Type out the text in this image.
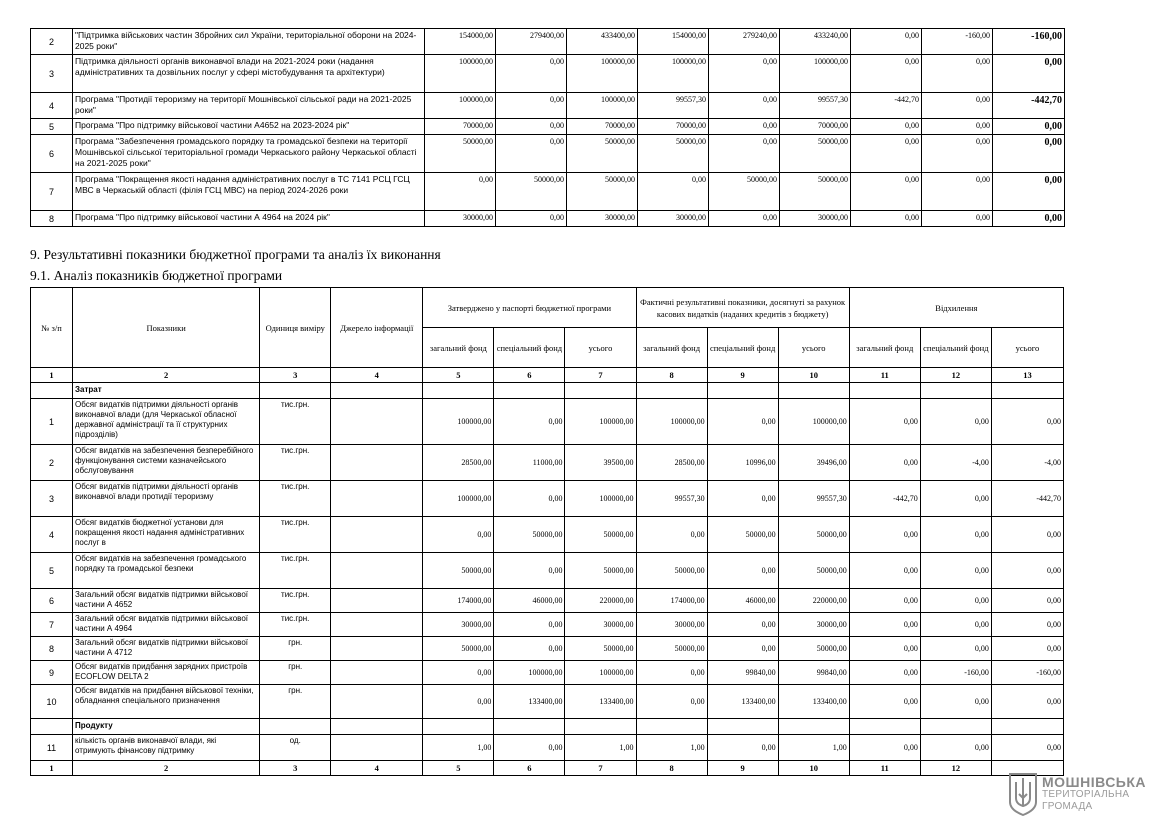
2	"Підтримка військових частин Збройних сил України, територіальної оборони на 2024-2025 роки"	154000,00	279400,00	433400,00	154000,00	279240,00	433240,00	0,00	-160,00	-160,00
3	Підтримка діяльності органів виконавчої влади на 2021-2024 роки (надання адміністративних та дозвільних послуг у сфері містобудування та архітектури)	100000,00	0,00	100000,00	100000,00	0,00	100000,00	0,00	0,00	0,00
4	Програма "Протидії тероризму на території Мошнівської сільської ради на 2021-2025 роки"	100000,00	0,00	100000,00	99557,30	0,00	99557,30	-442,70	0,00	-442,70
5	Програма "Про підтримку військової частини А4652 на 2023-2024 рік"	70000,00	0,00	70000,00	70000,00	0,00	70000,00	0,00	0,00	0,00
6	Програма "Забезпечення громадського порядку та громадської безпеки на території Мошнівської сільської територіальної громади Черкаського району Черкаської області на 2021-2025 роки"	50000,00	0,00	50000,00	50000,00	0,00	50000,00	0,00	0,00	0,00
7	Програма "Покращення якості надання адміністративних послуг в ТС 7141 РСЦ ГСЦ МВС в Черкаській області (філія ГСЦ МВС) на період 2024-2026 роки	0,00	50000,00	50000,00	0,00	50000,00	50000,00	0,00	0,00	0,00
8	Програма "Про підтримку військової частини А 4964 на 2024 рік"	30000,00	0,00	30000,00	30000,00	0,00	30000,00	0,00	0,00	0,00
9. Результативні показники бюджетної програми та аналіз їх виконання
9.1. Аналіз показників бюджетної програми
№ з/п	Показники	Одиниця виміру	Джерело інформації	Затверджено у паспорті бюджетної програми			Фактичні результативні показники, досягнуті за рахунок касових видатків (наданих кредитів з бюджету)			Відхилення		
				загальний фонд	спеціальний фонд	усього	загальний фонд	спеціальний фонд	усього	загальний фонд	спеціальний фонд	усього
1	2	3	4	5	6	7	8	9	10	11	12	13
	Затрат											
1	Обсяг видатків підтримки діяльності органів виконавчої влади (для Черкаської обласної державної адміністрації та її структурних підрозділів)	тис.грн.		100000,00	0,00	100000,00	100000,00	0,00	100000,00	0,00	0,00	0,00
2	Обсяг видатків на забезпечення безперебійного функціонування системи казначейського обслуговування	тис.грн.		28500,00	11000,00	39500,00	28500,00	10996,00	39496,00	0,00	-4,00	-4,00
3	Обсяг видатків підтримки діяльності органів виконавчої влади протидії тероризму	тис.грн.		100000,00	0,00	100000,00	99557,30	0,00	99557,30	-442,70	0,00	-442,70
4	Обсяг видатків бюджетної установи для покращення якості надання адміністративних послуг в	тис.грн.		0,00	50000,00	50000,00	0,00	50000,00	50000,00	0,00	0,00	0,00
5	Обсяг видатків на забезпечення громадського порядку та громадської безпеки	тис.грн.		50000,00	0,00	50000,00	50000,00	0,00	50000,00	0,00	0,00	0,00
6	Загальний обсяг видатків підтримки військової частини А 4652	тис.грн.		174000,00	46000,00	220000,00	174000,00	46000,00	220000,00	0,00	0,00	0,00
7	Загальний обсяг видатків підтримки військової частини А 4964	тис.грн.		30000,00	0,00	30000,00	30000,00	0,00	30000,00	0,00	0,00	0,00
8	Загальний обсяг видатків підтримки військової частини А 4712	грн.		50000,00	0,00	50000,00	50000,00	0,00	50000,00	0,00	0,00	0,00
9	Обсяг видатків придбання зарядних пристроїв ECOFLOW DELTA 2	грн.		0,00	100000,00	100000,00	0,00	99840,00	99840,00	0,00	-160,00	-160,00
10	Обсяг видатків на придбання військової техніки, обладнання спеціального призначення	грн.		0,00	133400,00	133400,00	0,00	133400,00	133400,00	0,00	0,00	0,00
	Продукту											
11	кількість органів виконавчої влади, які отримують фінансову підтримку	од.		1,00	0,00	1,00	1,00	0,00	1,00	0,00	0,00	0,00
1	2	3	4	5	6	7	8	9	10	11	12	
МОШНІВСЬКА
ТЕРИТОРІАЛЬНА
ГРОМАДА
